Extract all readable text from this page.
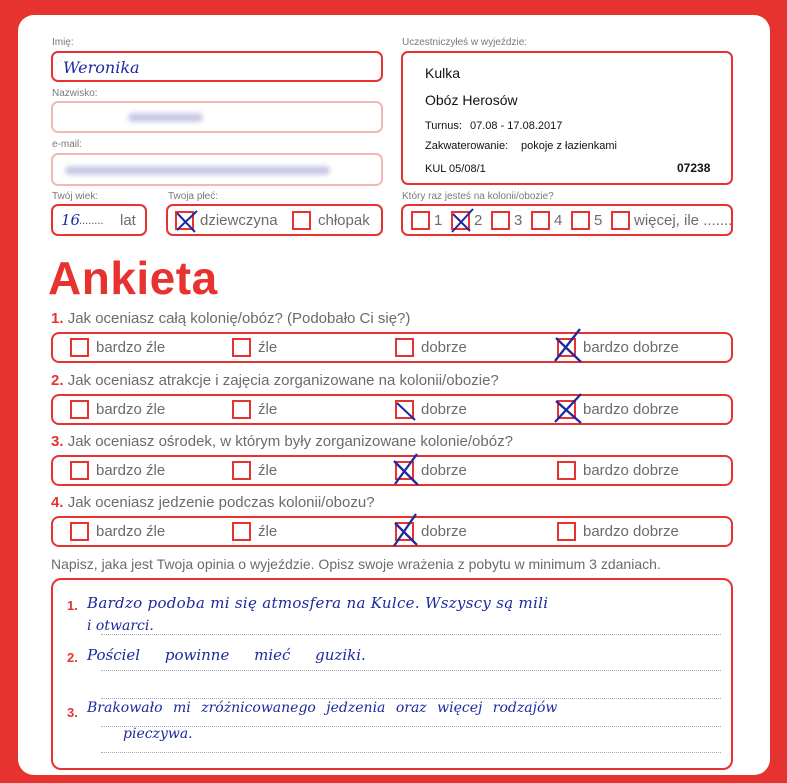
Imię:
Weronika
Nazwisko:
e-mail:
Twój wiek:
16
........ lat
Twoja płeć:
dziewczyna	chłopak
Uczestniczyłeś w wyjeździe:
Kulka
Obóz Herosów
Turnus: 07.08 - 17.08.2017
Zakwaterowanie: pokoje z łazienkami
KUL 05/08/1	07238
Który raz jesteś na kolonii/obozie?
1 2 3 4 5 więcej, ile .......
Ankieta
1. Jak oceniasz całą kolonię/obóz? (Podobało Ci się?)
bardzo źle	źle	dobrze	bardzo dobrze
2. Jak oceniasz atrakcje i zajęcia zorganizowane na kolonii/obozie?
bardzo źle	źle	dobrze	bardzo dobrze
3. Jak oceniasz ośrodek, w którym były zorganizowane kolonie/obóz?
bardzo źle	źle	dobrze	bardzo dobrze
4. Jak oceniasz jedzenie podczas kolonii/obozu?
bardzo źle	źle	dobrze	bardzo dobrze
Napisz, jaka jest Twoja opinia o wyjeździe. Opisz swoje wrażenia z pobytu w minimum 3 zdaniach.
1. Bardzo podoba mi się atmosfera na Kulce. Wszyscy są mili
i otwarci.
2. Pościel powinne mieć guziki.
3. Brakowało mi zróżnicowanego jedzenia oraz więcej rodzajów
pieczywa.
